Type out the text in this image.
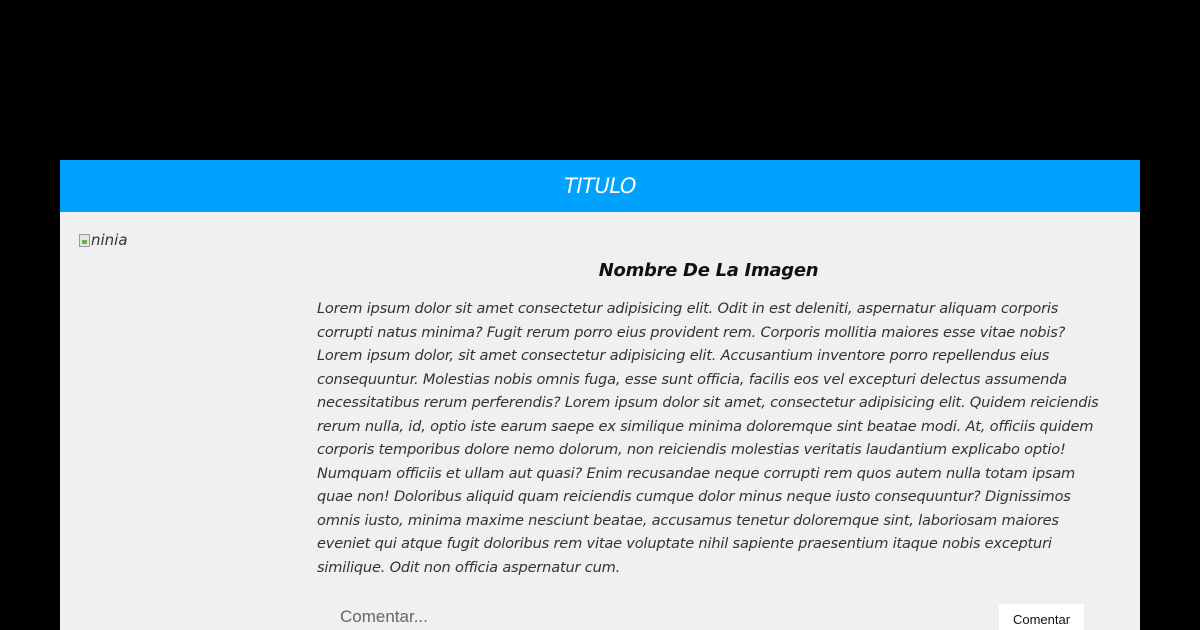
TITULO
ninia
Nombre De La Imagen

Lorem ipsum dolor sit amet consectetur adipisicing elit. Odit in est deleniti, aspernatur aliquam corporis corrupti natus minima? Fugit rerum porro eius provident rem. Corporis mollitia maiores esse vitae nobis? Lorem ipsum dolor, sit amet consectetur adipisicing elit. Accusantium inventore porro repellendus eius consequuntur. Molestias nobis omnis fuga, esse sunt officia, facilis eos vel excepturi delectus assumenda necessitatibus rerum perferendis? Lorem ipsum dolor sit amet, consectetur adipisicing elit. Quidem reiciendis rerum nulla, id, optio iste earum saepe ex similique minima doloremque sint beatae modi. At, officiis quidem corporis temporibus dolore nemo dolorum, non reiciendis molestias veritatis laudantium explicabo optio! Numquam officiis et ullam aut quasi? Enim recusandae neque corrupti rem quos autem nulla totam ipsam quae non! Doloribus aliquid quam reiciendis cumque dolor minus neque iusto consequuntur? Dignissimos omnis iusto, minima maxime nesciunt beatae, accusamus tenetur doloremque sint, laboriosam maiores eveniet qui atque fugit doloribus rem vitae voluptate nihil sapiente praesentium itaque nobis excepturi similique. Odit non officia aspernatur cum.

Comentar...
Comentar
